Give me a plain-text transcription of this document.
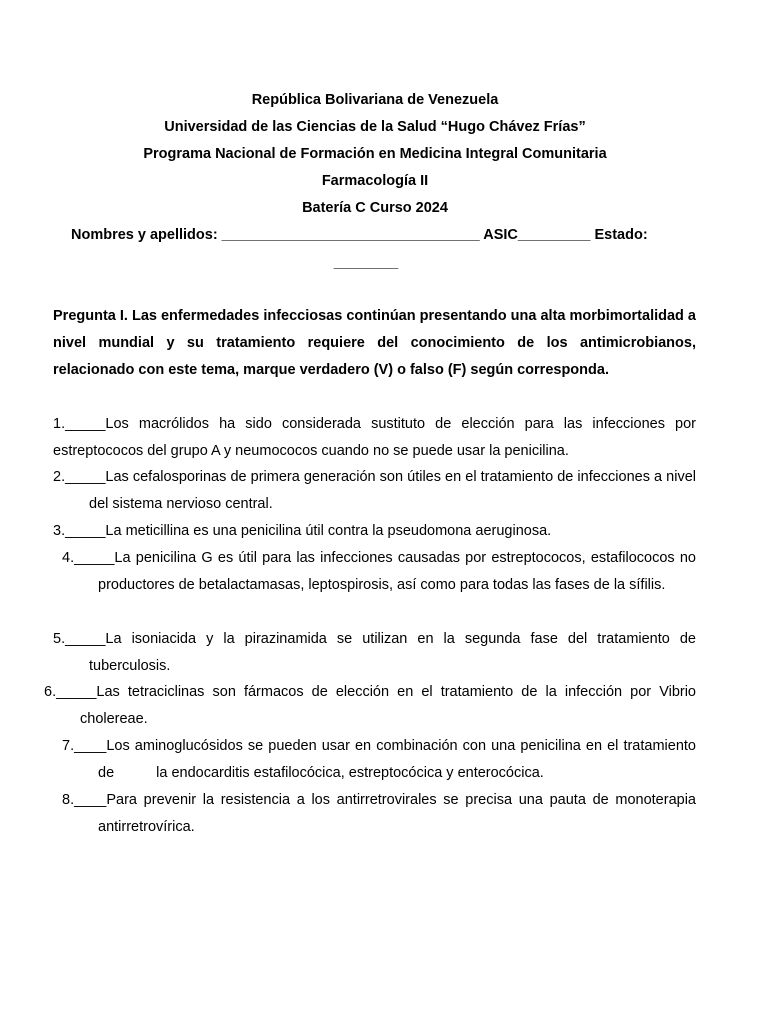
República Bolivariana de Venezuela
Universidad de las Ciencias de la Salud “Hugo Chávez Frías”
Programa Nacional de Formación en Medicina Integral Comunitaria
Farmacología II
Batería C Curso 2024
Nombres y apellidos: ________________________________ ASIC_________ Estado:
________
Pregunta I. Las enfermedades infecciosas continúan presentando una alta morbimortalidad a nivel mundial y su tratamiento requiere del conocimiento de los antimicrobianos, relacionado con este tema, marque verdadero (V) o falso (F) según corresponda.
1._____Los macrólidos ha sido considerada sustituto de elección para las infecciones por estreptococos del grupo A y neumococos cuando no se puede usar la penicilina.
2._____Las cefalosporinas de primera generación son útiles en el tratamiento de infecciones a nivel del sistema nervioso central.
3._____La meticillina es una penicilina útil contra la pseudomona aeruginosa.
4._____La penicilina G es útil para las infecciones causadas por estreptococos, estafilococos no productores de betalactamasas, leptospirosis, así como para todas las fases de la sífilis.
5._____La isoniacida y la pirazinamida se utilizan en la segunda fase del tratamiento de tuberculosis.
6._____Las tetraciclinas son fármacos de elección en el tratamiento de la infección por Vibrio cholereae.
7.____Los aminoglucósidos se pueden usar en combinación con una penicilina en el tratamiento de	la endocarditis estafilocócica, estreptocócica y enterocócica.
8.____Para prevenir la resistencia a los antirretrovirales se precisa una pauta de monoterapia antirretrovírica.
